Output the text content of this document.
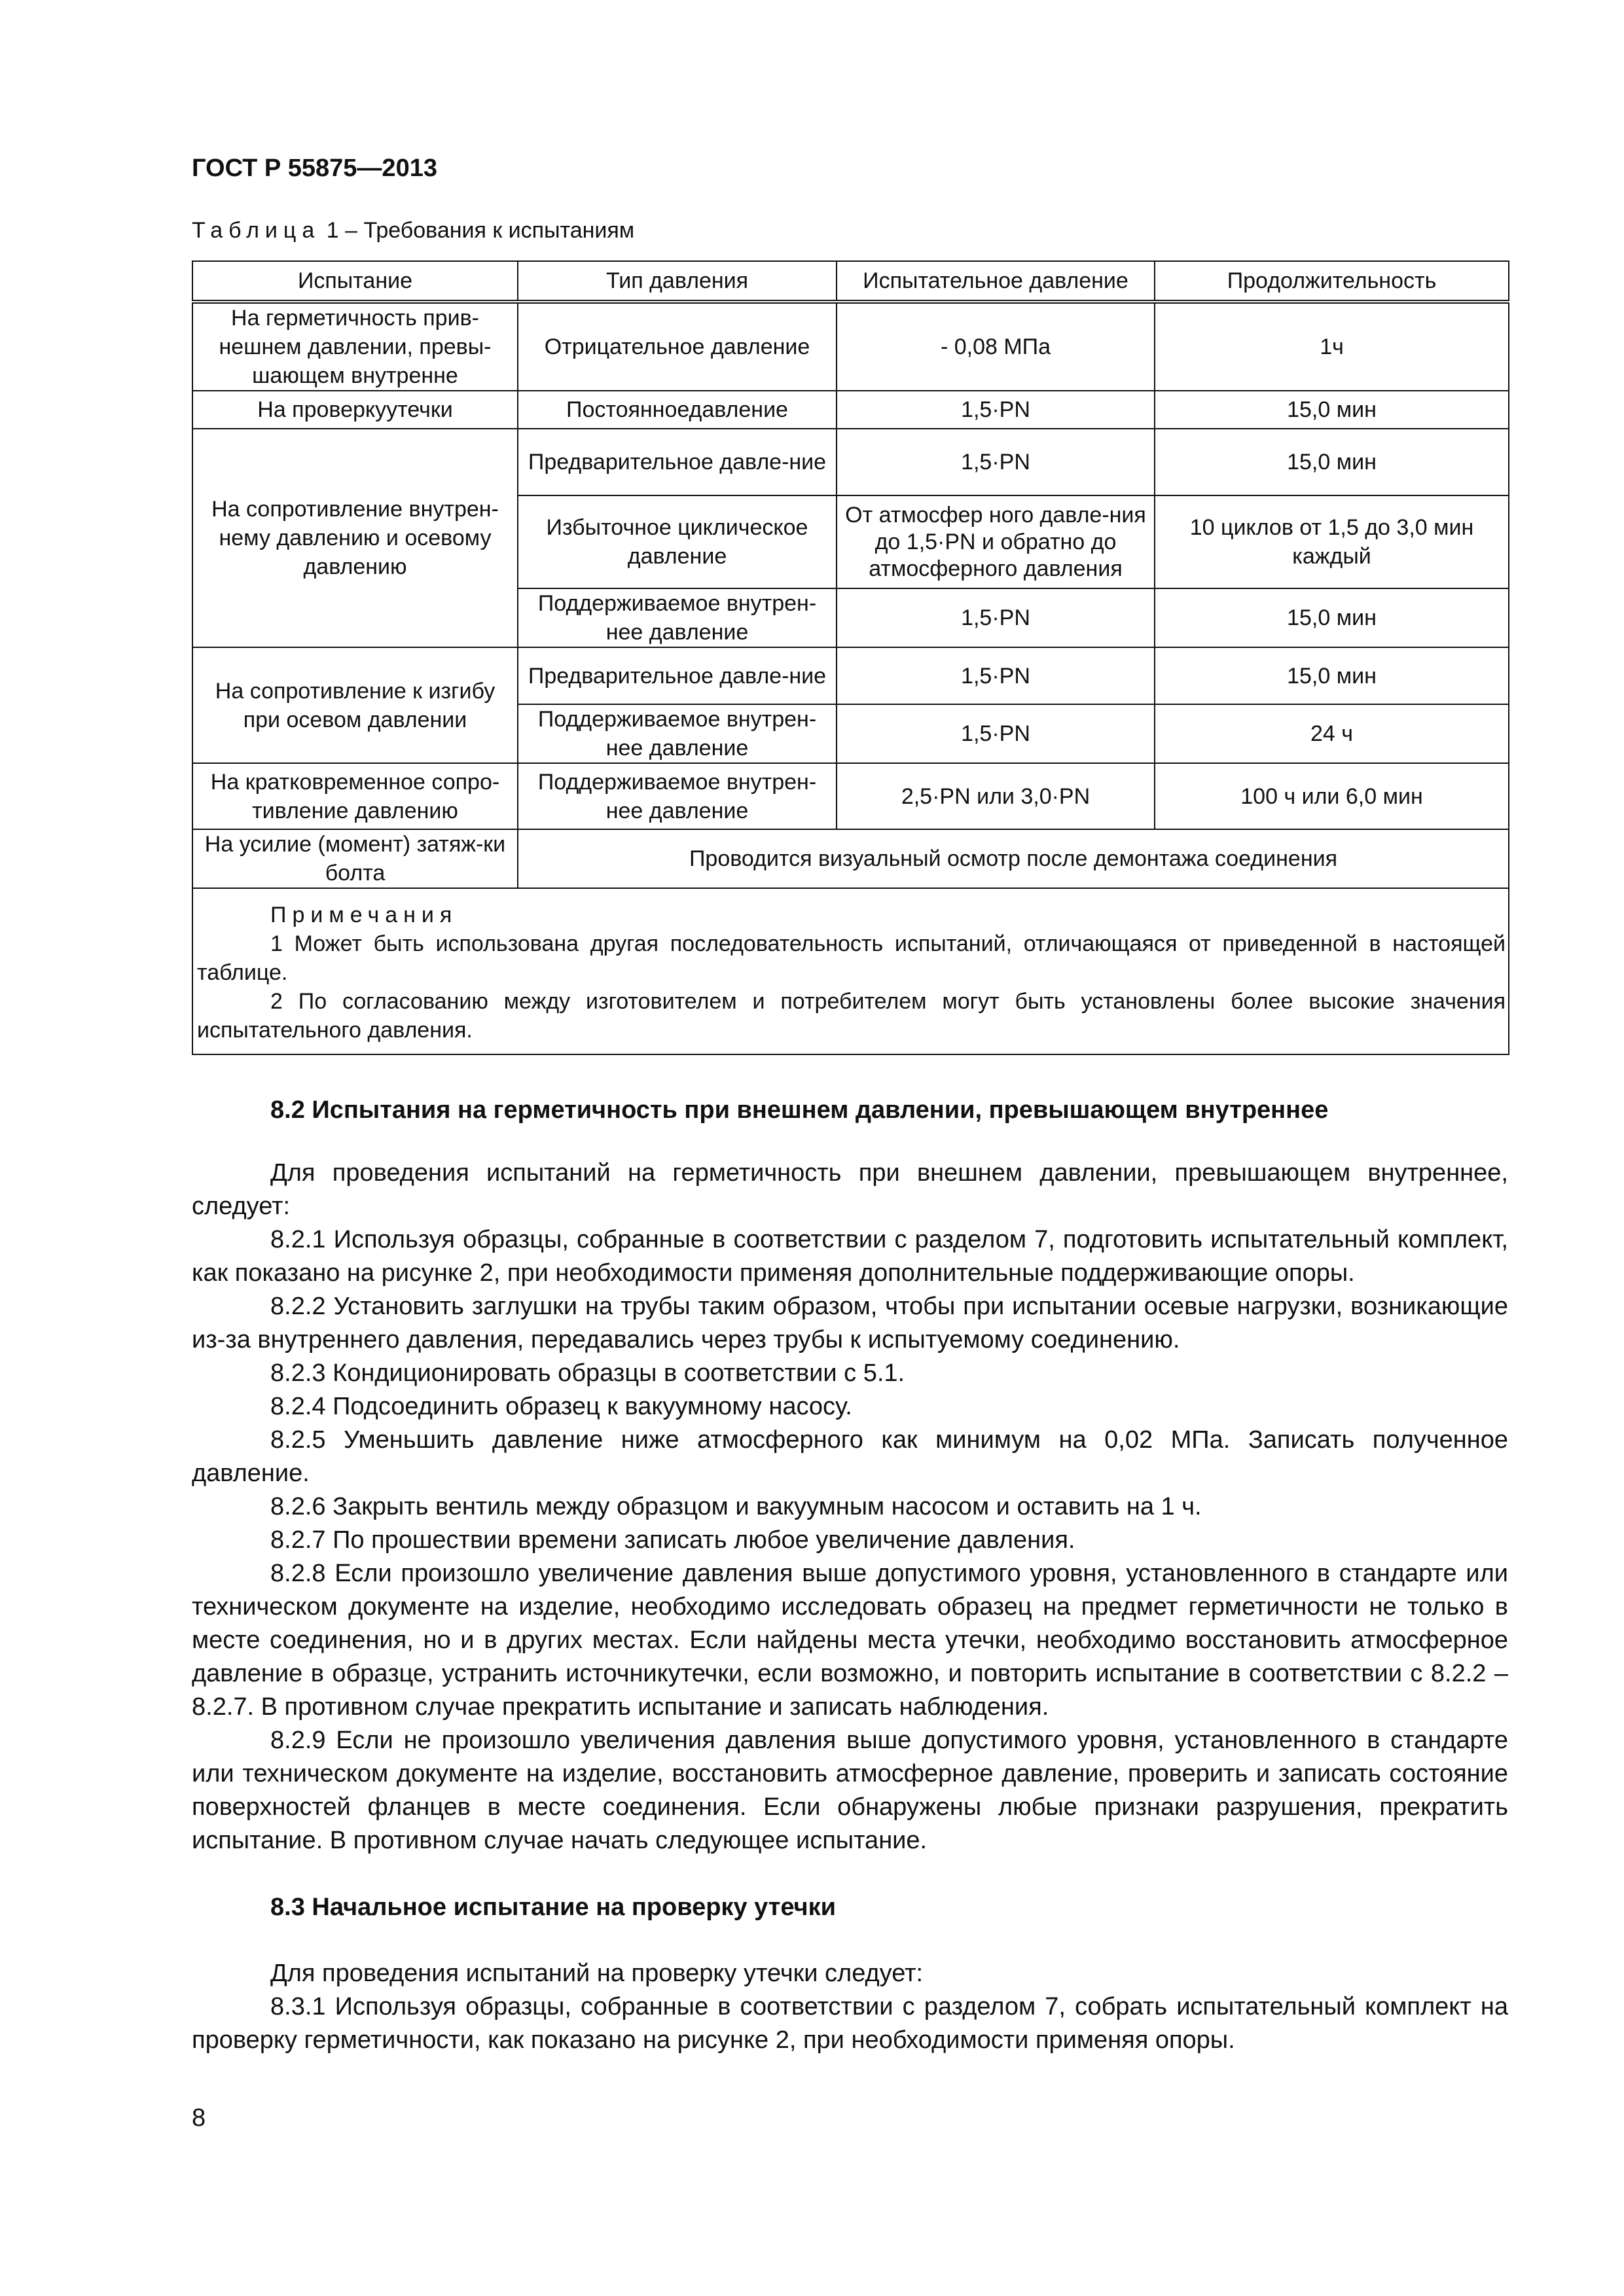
ГОСТ Р 55875—2013
Таблица 1 – Требования к испытаниям
Испытание	Тип давления	Испытательное давление	Продолжительность
На герметичность прив-нешнем давлении, превы-шающем внутренне	Отрицательное давление	- 0,08 МПа	1ч
На проверкуутечки	Постоянноедавление	1,5·PN	15,0 мин
На сопротивление внутрен-нему давлению и осевому давлению	Предварительное давле-ние	1,5·PN	15,0 мин
	Избыточное циклическое давление	От атмосфер ного давле-ния до 1,5·PN и обратно до атмосферного давления	10 циклов от 1,5 до 3,0 мин каждый
	Поддерживаемое внутрен-нее давление	1,5·PN	15,0 мин
На сопротивление к изгибу при осевом давлении	Предварительное давле-ние	1,5·PN	15,0 мин
	Поддерживаемое внутрен-нее давление	1,5·PN	24 ч
На кратковременное сопро-тивление давлению	Поддерживаемое внутрен-нее давление	2,5·PN или 3,0·PN	100 ч или 6,0 мин
На усилие (момент) затяж-ки болта	Проводится визуальный осмотр после демонтажа соединения		

Примечания
1 Может быть использована другая последовательность испытаний, отличающаяся от приведенной в настоящей таблице.
2 По согласованию между изготовителем и потребителем могут быть установлены более высокие значения испытательного давления.			
8.2 Испытания на герметичность при внешнем давлении, превышающем внутреннее

Для проведения испытаний на герметичность при внешнем давлении, превышающем внутреннее, следует:

8.2.1 Используя образцы, собранные в соответствии с разделом 7, подготовить испытательный комплект, как показано на рисунке 2, при необходимости применяя дополнительные поддерживающие опоры.

8.2.2 Установить заглушки на трубы таким образом, чтобы при испытании осевые нагрузки, возникающие из-за внутреннего давления, передавались через трубы к испытуемому соединению.

8.2.3 Кондиционировать образцы в соответствии с 5.1.

8.2.4 Подсоединить образец к вакуумному насосу.

8.2.5 Уменьшить давление ниже атмосферного как минимум на 0,02 МПа. Записать полученное давление.

8.2.6 Закрыть вентиль между образцом и вакуумным насосом и оставить на 1 ч.

8.2.7 По прошествии времени записать любое увеличение давления.

8.2.8 Если произошло увеличение давления выше допустимого уровня, установленного в стандарте или техническом документе на изделие, необходимо исследовать образец на предмет герметичности не только в месте соединения, но и в других местах. Если найдены места утечки, необходимо восстановить атмосферное давление в образце, устранить источникутечки, если возможно, и повторить испытание в соответствии с 8.2.2 – 8.2.7. В противном случае прекратить испытание и записать наблюдения.

8.2.9 Если не произошло увеличения давления выше допустимого уровня, установленного в стандарте или техническом документе на изделие, восстановить атмосферное давление, проверить и записать состояние поверхностей фланцев в месте соединения. Если обнаружены любые признаки разрушения, прекратить испытание. В противном случае начать следующее испытание.

8.3 Начальное испытание на проверку утечки

Для проведения испытаний на проверку утечки следует:

8.3.1 Используя образцы, собранные в соответствии с разделом 7, собрать испытательный комплект на проверку герметичности, как показано на рисунке 2, при необходимости применяя опоры.

8
